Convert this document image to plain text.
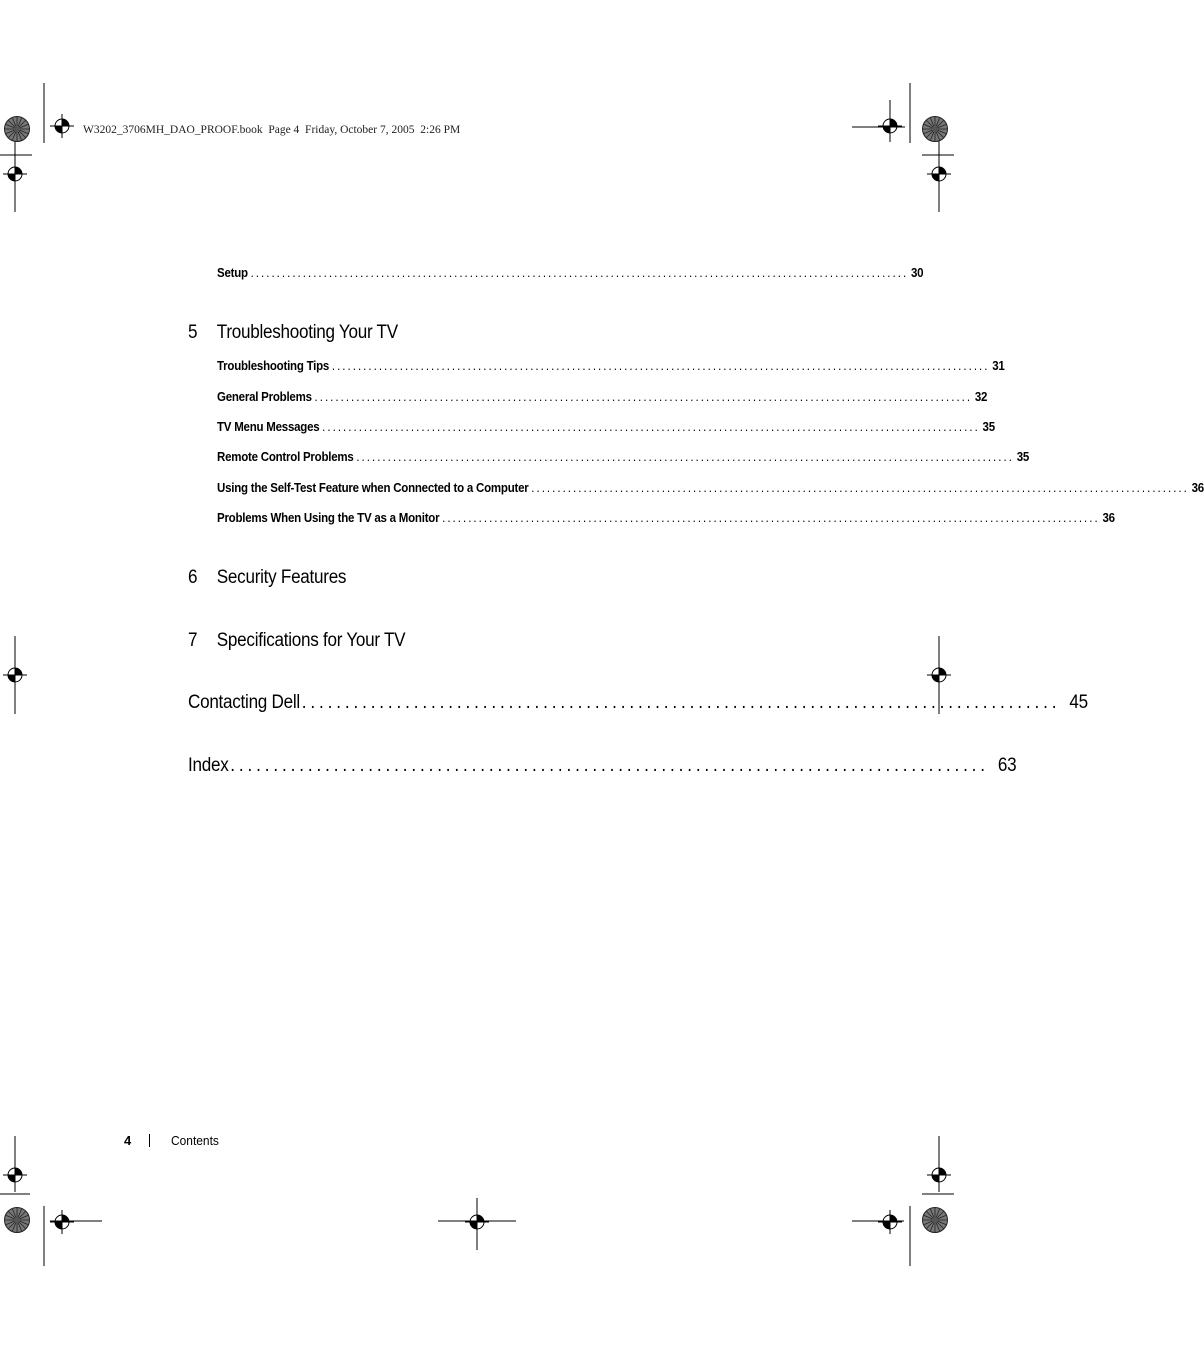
W3202_3706MH_DAO_PROOF.book  Page 4  Friday, October 7, 2005  2:26 PM
Setup .............................................................................................................................. 30
5 Troubleshooting Your TV
Troubleshooting Tips .............................................................................................................................. 31
General Problems .............................................................................................................................. 32
TV Menu Messages .............................................................................................................................. 35
Remote Control Problems .............................................................................................................................. 35
Using the Self-Test Feature when Connected to a Computer .............................................................................................................................. 36
Problems When Using the TV as a Monitor .............................................................................................................................. 36
6 Security Features
7 Specifications for Your TV
Contacting Dell ........................................................................................ 45
Index ........................................................................................ 63
4	Contents
